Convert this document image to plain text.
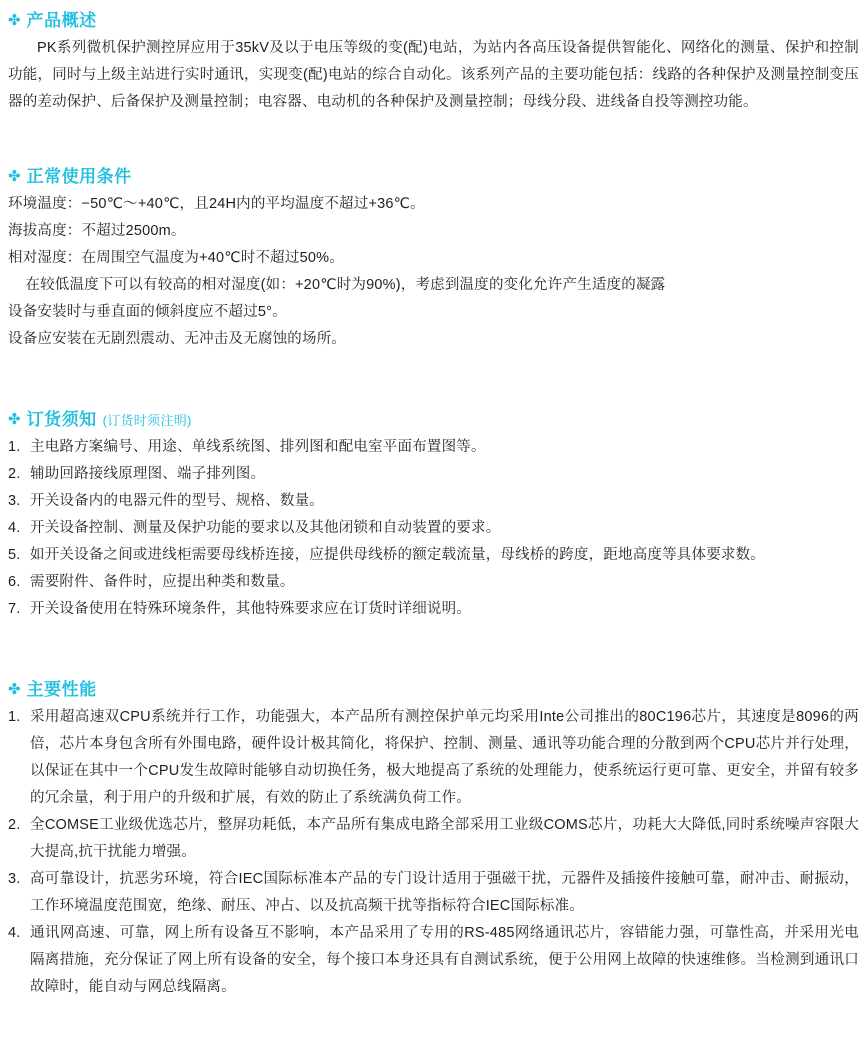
✤ 产品概述

PK系列微机保护测控屏应用于35kV及以于电压等级的变(配)电站，为站内各高压设备提供智能化、网络化的测量、保护和控制功能，同时与上级主站进行实时通讯，实现变(配)电站的综合自动化。该系列产品的主要功能包括：线路的各种保护及测量控制变压器的差动保护、后备保护及测量控制；电容器、电动机的各种保护及测量控制；母线分段、进线备自投等测控功能。

✤ 正常使用条件

环境温度：−50℃～+40℃，且24H内的平均温度不超过+36℃。

海拔高度：不超过2500m。

相对湿度：在周围空气温度为+40℃时不超过50%。

在较低温度下可以有较高的相对湿度(如：+20℃时为90%)，考虑到温度的变化允许产生适度的凝露

设备安装时与垂直面的倾斜度应不超过5°。

设备应安装在无剧烈震动、无冲击及无腐蚀的场所。

✤ 订货须知 (订货时须注明)
1. 主电路方案编号、用途、单线系统图、排列图和配电室平面布置图等。
2. 辅助回路接线原理图、端子排列图。
3. 开关设备内的电器元件的型号、规格、数量。
4. 开关设备控制、测量及保护功能的要求以及其他闭锁和自动装置的要求。
5. 如开关设备之间或进线柜需要母线桥连接，应提供母线桥的额定载流量，母线桥的跨度，距地高度等具体要求数。
6. 需要附件、备件时，应提出种类和数量。
7. 开关设备使用在特殊环境条件，其他特殊要求应在订货时详细说明。
✤ 主要性能
1. 采用超高速双CPU系统并行工作，功能强大，本产品所有测控保护单元均采用Inte公司推出的80C196芯片，其速度是8096的两倍，芯片本身包含所有外围电路，硬件设计极其简化，将保护、控制、测量、通讯等功能合理的分散到两个CPU芯片并行处理，以保证在其中一个CPU发生故障时能够自动切换任务，极大地提高了系统的处理能力，使系统运行更可靠、更安全，并留有较多的冗余量，利于用户的升级和扩展，有效的防止了系统满负荷工作。
2. 全COMSE工业级优选芯片，整屏功耗低，本产品所有集成电路全部采用工业级COMS芯片，功耗大大降低,同时系统噪声容限大大提高,抗干扰能力增强。
3. 高可靠设计，抗恶劣环境，符合IEC国际标准本产品的专门设计适用于强磁干扰，元器件及插接件接触可靠，耐冲击、耐振动，工作环境温度范围宽，绝缘、耐压、冲占、以及抗高频干扰等指标符合IEC国际标准。
4. 通讯网高速、可靠，网上所有设备互不影响，本产品采用了专用的RS-485网络通讯芯片，容错能力强，可靠性高，并采用光电隔离措施，充分保证了网上所有设备的安全，每个接口本身还具有自测试系统，便于公用网上故障的快速维修。当检测到通讯口故障时，能自动与网总线隔离。
